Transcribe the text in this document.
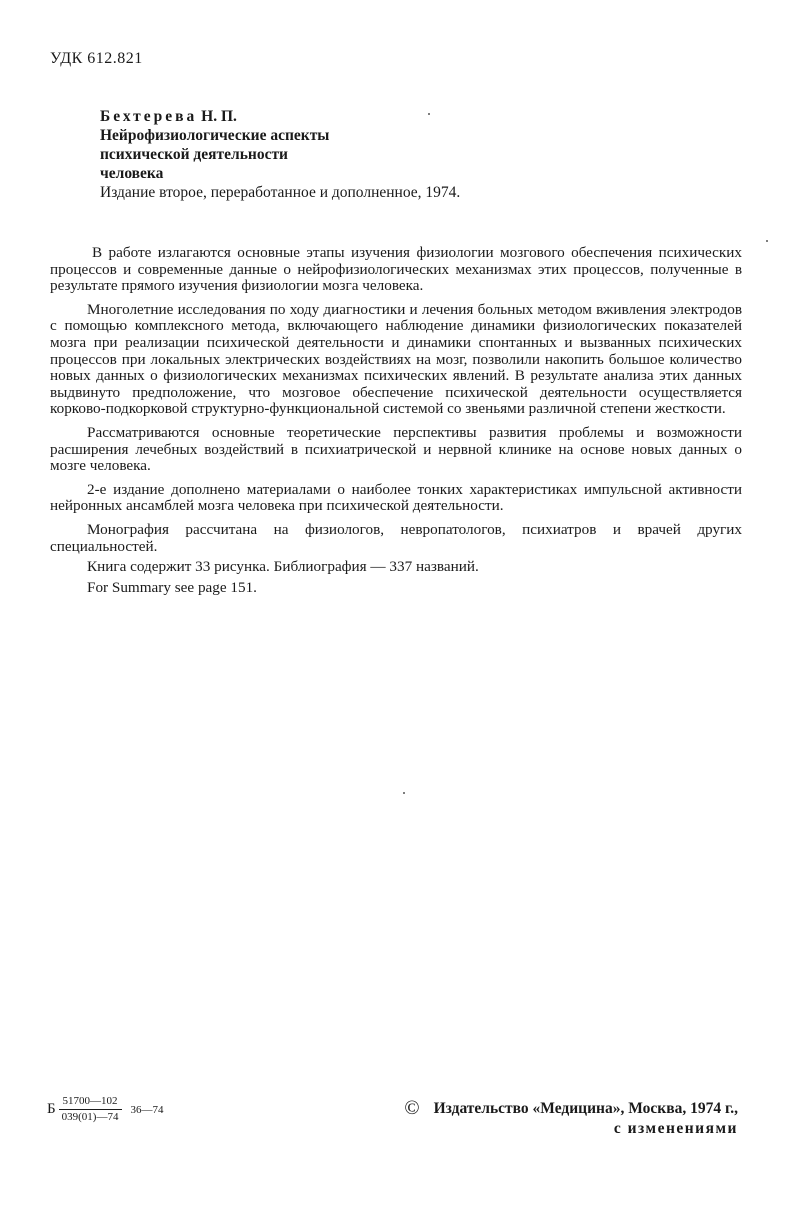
УДК 612.821
Бехтерева Н. П.
Нейрофизиологические аспекты
психической деятельности
человека
Издание второе, переработанное и дополненное, 1974.

В работе излагаются основные этапы изучения физиологии мозгового обеспечения психических процессов и современные данные о нейрофизиологических механизмах этих процессов, полученные в результате прямого изучения физиологии мозга человека.

Многолетние исследования по ходу диагностики и лечения больных методом вживления электродов с помощью комплексного метода, включающего наблюдение динамики физиологических показателей мозга при реализации психической деятельности и динамики спонтанных и вызванных психических процессов при локальных электрических воздействиях на мозг, позволили накопить большое количество новых данных о физиологических механизмах психических явлений. В результате анализа этих данных выдвинуто предположение, что мозговое обеспечение психической деятельности осуществляется корково-подкорковой структурно-функциональной системой со звеньями различной степени жесткости.

Рассматриваются основные теоретические перспективы развития проблемы и возможности расширения лечебных воздействий в психиатрической и нервной клинике на основе новых данных о мозге человека.

2-е издание дополнено материалами о наиболее тонких характеристиках импульсной активности нейронных ансамблей мозга человека при психической деятельности.

Монография рассчитана на физиологов, невропатологов, психиатров и врачей других специальностей.

Книга содержит 33 рисунка. Библиография — 337 названий.

For Summary see page 151.

Б $\frac{51700—102}{039(01)—74}$ 36—74	© Издательство «Медицина», Москва, 1974 г.,
с изменениями
